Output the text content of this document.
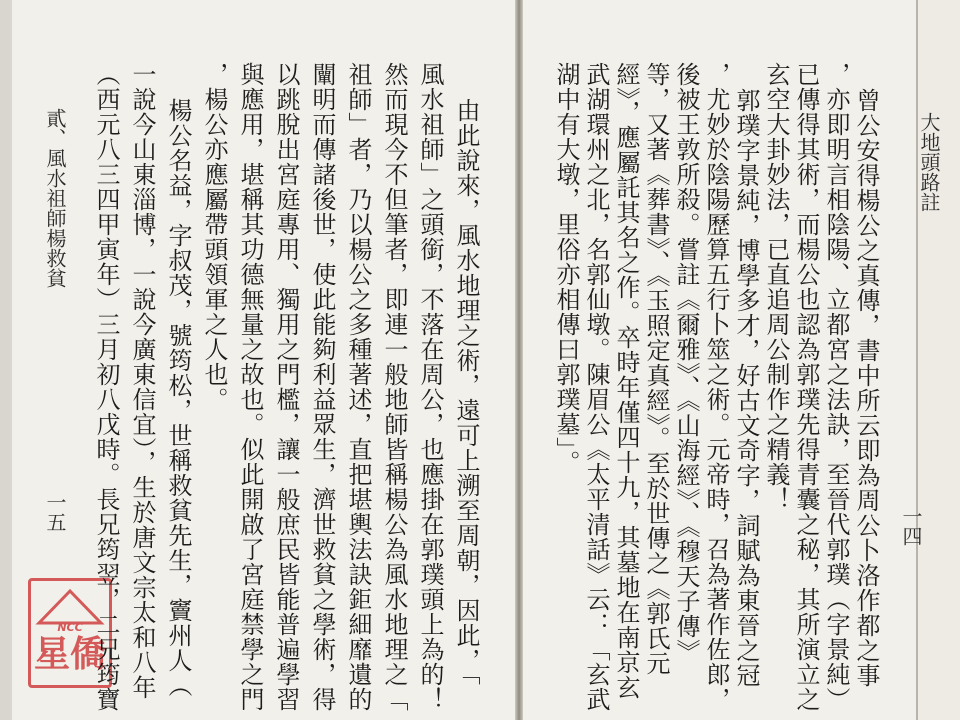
大地頭路註
一四
貳、風水祖師楊救貧
一五
NCC
星僑	曾公安得楊公之真傳，書中所云即為周公卜洛作都之事
，亦即明言相陰陽、立都宮之法訣，至晉代郭璞（字景純）
已傳得其術，而楊公也認為郭璞先得青囊之秘，其所演立之
玄空大卦妙法，已直追周公制作之精義！
郭璞字景純，博學多才，好古文奇字，詞賦為東晉之冠
，尤妙於陰陽歷算五行卜筮之術。元帝時，召為著作佐郎，
後被王敦所殺。嘗註《爾雅》、《山海經》、《穆天子傳》
等，又著《葬書》、《玉照定真經》。至於世傳之《郭氏元
經》，應屬託其名之作。卒時年僅四十九，其墓地在南京玄
武湖環州之北，名郭仙墩。陳眉公《太平清話》云：「玄武
湖中有大墩，里俗亦相傳曰郭璞墓」。
由此說來，風水地理之術，遠可上溯至周朝，因此，「
風水祖師」之頭銜，不落在周公，也應掛在郭璞頭上為的！
然而現今不但筆者，即連一般地師皆稱楊公為風水地理之「
祖師」者，乃以楊公之多種著述，直把堪輿法訣鉅細靡遺的
闡明而傳諸後世，使此能夠利益眾生，濟世救貧之學術，得
以跳脫出宮庭專用、獨用之門檻，讓一般庶民皆能普遍學習
與應用，堪稱其功德無量之故也。似此開啟了宮庭禁學之門
，楊公亦應屬帶頭領軍之人也。
楊公名益，字叔茂，號筠松，世稱救貧先生，竇州人（
一說今山東淄博，一說今廣東信宜），生於唐文宗太和八年
（西元八三四甲寅年）三月初八戊時。長兄筠翌，二兄筠寶
